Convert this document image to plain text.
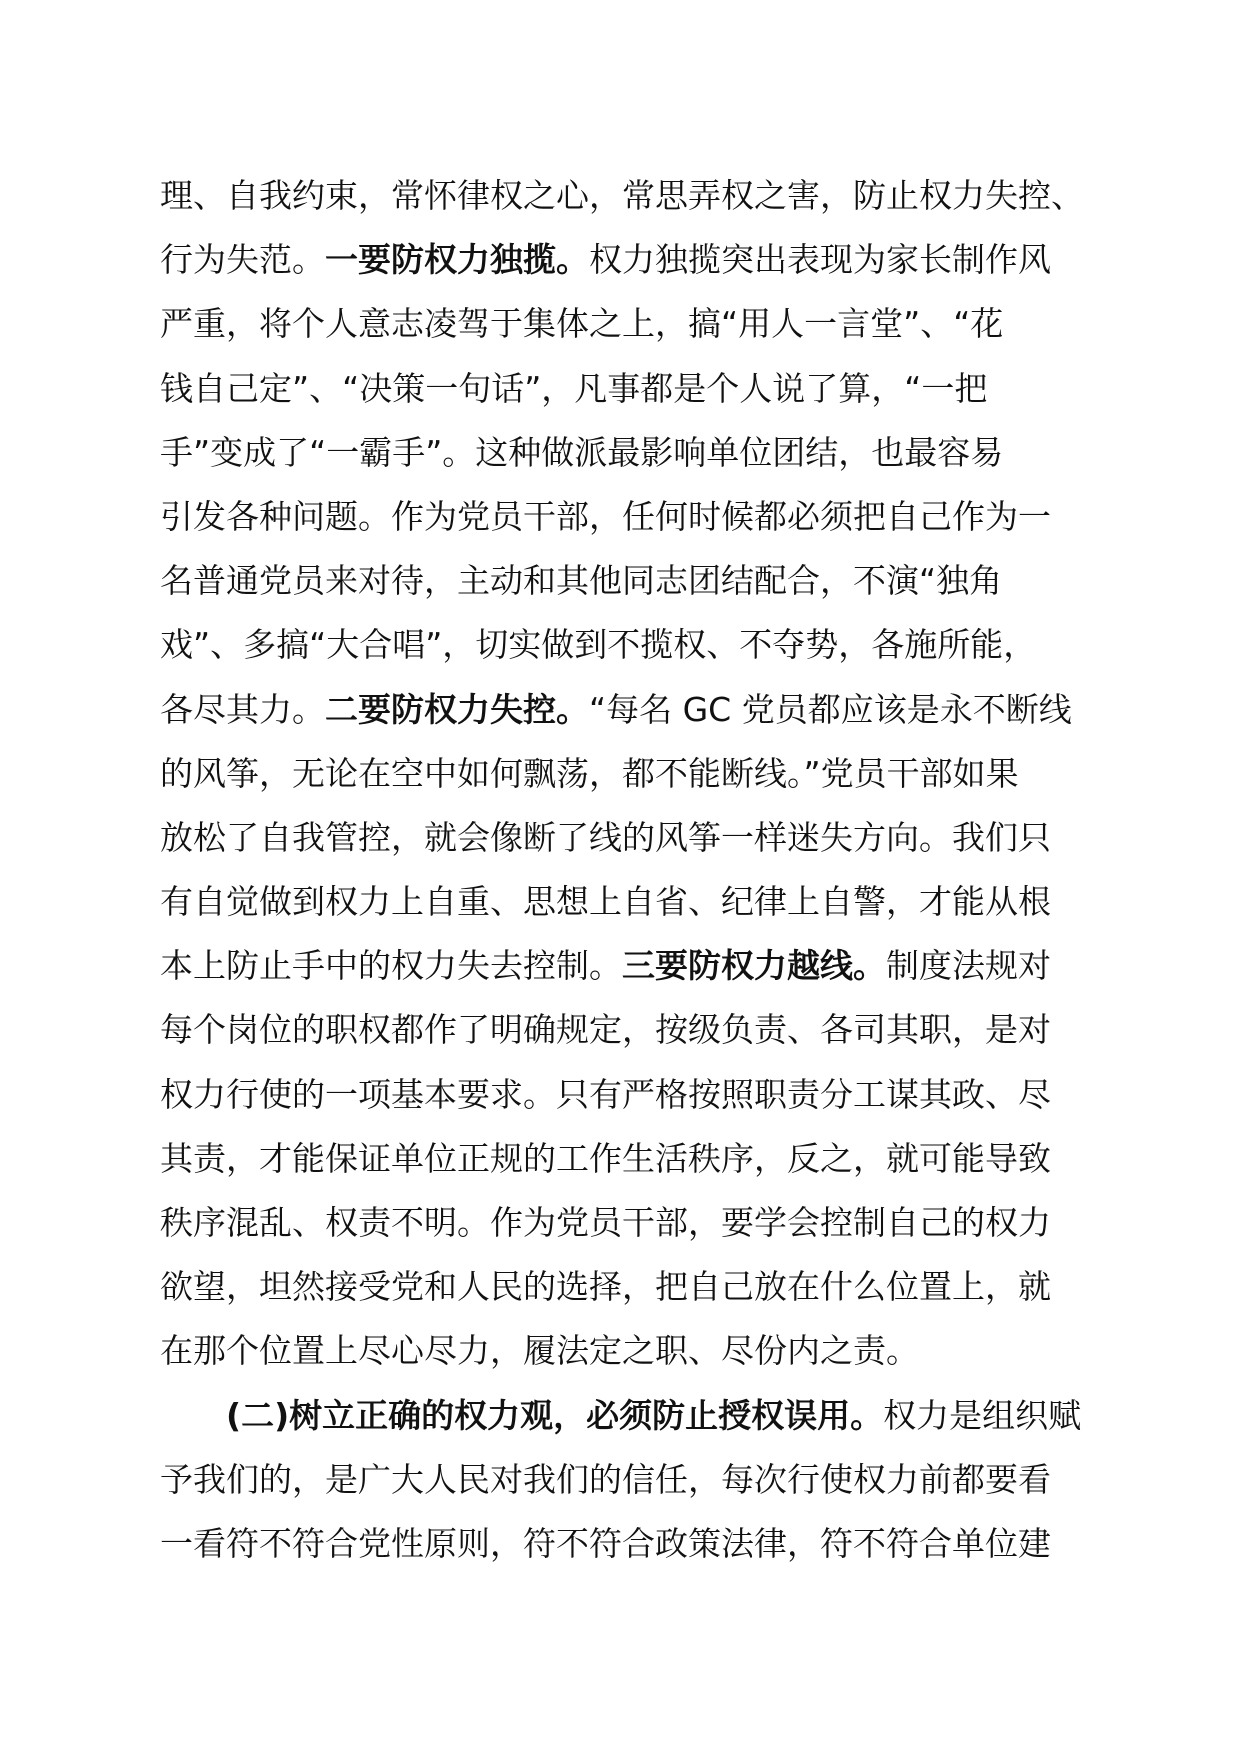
理、自我约束，常怀律权之心，常思弄权之害，防止权力失控、
行为失范。一要防权力独揽。权力独揽突出表现为家长制作风
严重，将个人意志凌驾于集体之上，搞“用人一言堂”、“花
钱自己定”、“决策一句话”，凡事都是个人说了算，“一把
手”变成了“一霸手”。这种做派最影响单位团结，也最容易
引发各种问题。作为党员干部，任何时候都必须把自己作为一
名普通党员来对待，主动和其他同志团结配合，不演“独角
戏”、多搞“大合唱”，切实做到不揽权、不夺势，各施所能，
各尽其力。二要防权力失控。“每名 GC 党员都应该是永不断线
的风筝，无论在空中如何飘荡，都不能断线。”党员干部如果
放松了自我管控，就会像断了线的风筝一样迷失方向。我们只
有自觉做到权力上自重、思想上自省、纪律上自警，才能从根
本上防止手中的权力失去控制。三要防权力越线。制度法规对
每个岗位的职权都作了明确规定，按级负责、各司其职，是对
权力行使的一项基本要求。只有严格按照职责分工谋其政、尽
其责，才能保证单位正规的工作生活秩序，反之，就可能导致
秩序混乱、权责不明。作为党员干部，要学会控制自己的权力
欲望，坦然接受党和人民的选择，把自己放在什么位置上，就
在那个位置上尽心尽力，履法定之职、尽份内之责。
(二)树立正确的权力观，必须防止授权误用。权力是组织赋
予我们的，是广大人民对我们的信任，每次行使权力前都要看
一看符不符合党性原则，符不符合政策法律，符不符合单位建
